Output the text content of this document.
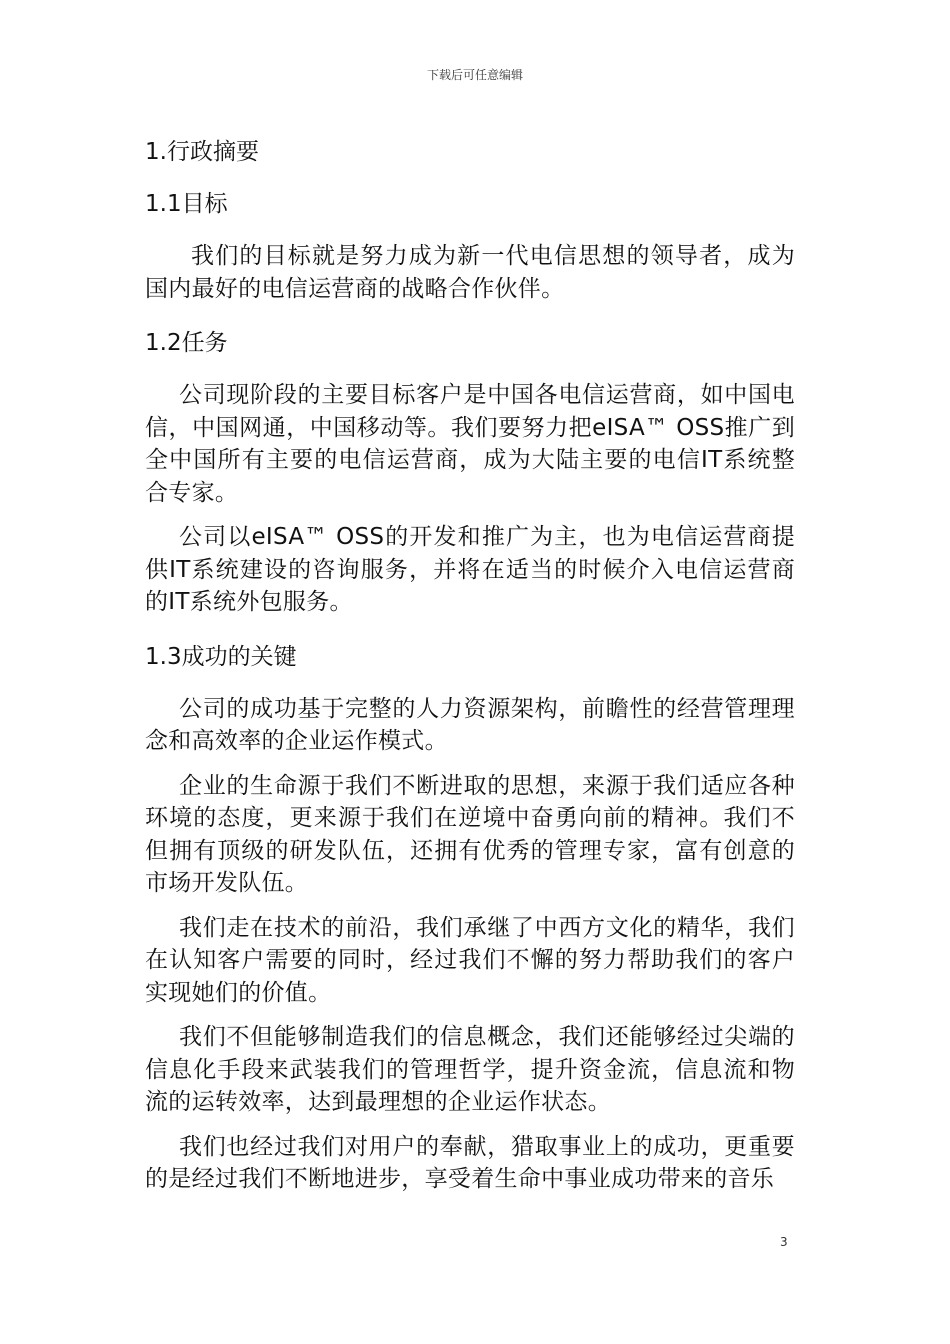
下载后可任意编辑
1.行政摘要
1.1目标

我们的目标就是努力成为新一代电信思想的领导者，成为国内最好的电信运营商的战略合作伙伴。

1.2任务

公司现阶段的主要目标客户是中国各电信运营商，如中国电信，中国网通，中国移动等。我们要努力把eISA™ OSS推广到全中国所有主要的电信运营商，成为大陆主要的电信IT系统整合专家。

公司以eISA™ OSS的开发和推广为主，也为电信运营商提供IT系统建设的咨询服务，并将在适当的时候介入电信运营商的IT系统外包服务。

1.3成功的关键

公司的成功基于完整的人力资源架构，前瞻性的经营管理理念和高效率的企业运作模式。

企业的生命源于我们不断进取的思想，来源于我们适应各种环境的态度，更来源于我们在逆境中奋勇向前的精神。我们不但拥有顶级的研发队伍，还拥有优秀的管理专家，富有创意的市场开发队伍。

我们走在技术的前沿，我们承继了中西方文化的精华，我们在认知客户需要的同时，经过我们不懈的努力帮助我们的客户实现她们的价值。

我们不但能够制造我们的信息概念，我们还能够经过尖端的信息化手段来武装我们的管理哲学，提升资金流，信息流和物流的运转效率，达到最理想的企业运作状态。

我们也经过我们对用户的奉献，猎取事业上的成功，更重要的是经过我们不断地进步，享受着生命中事业成功带来的音乐

3
